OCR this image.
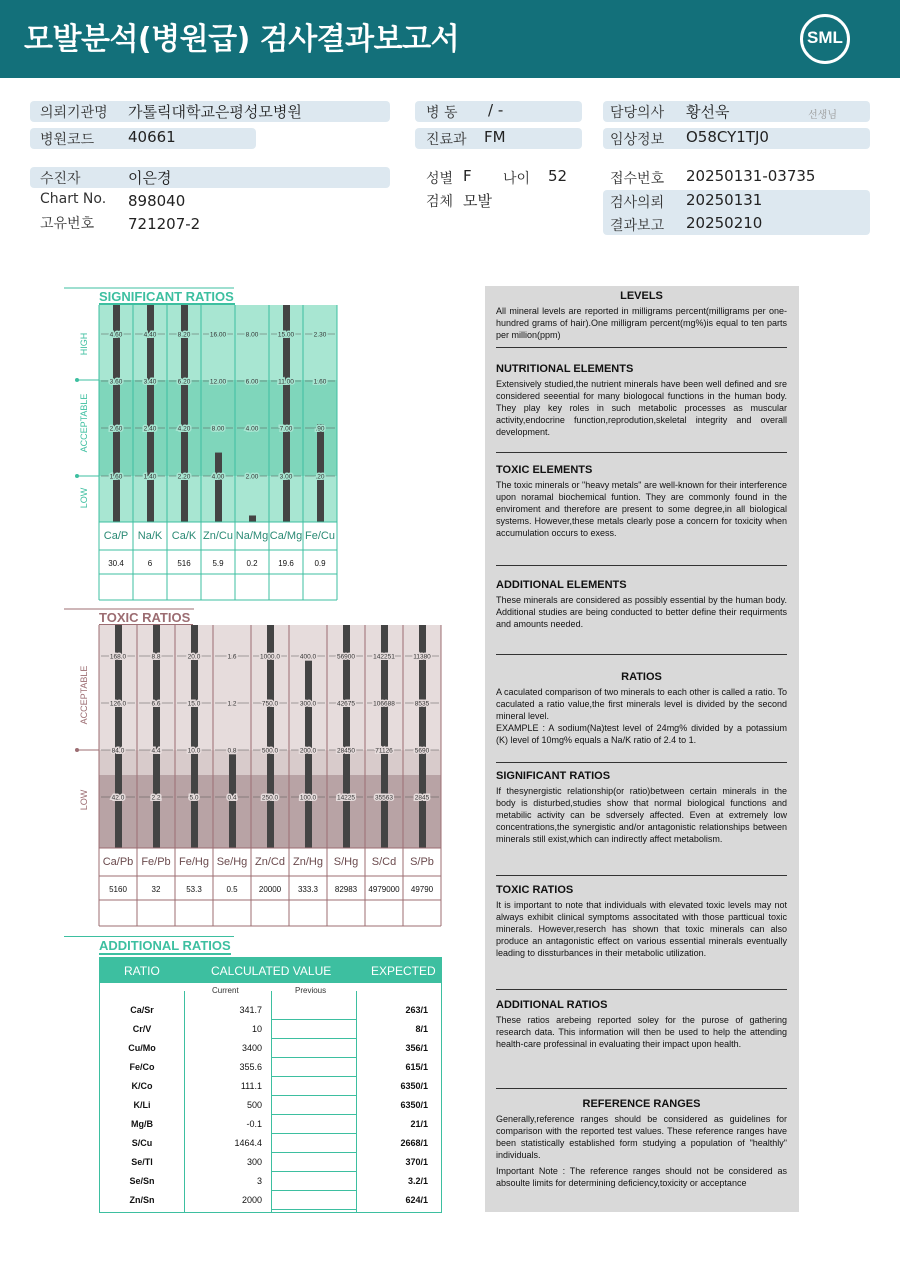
모발분석(병원급) 검사결과보고서	SML
의뢰기관명 가톨릭대학교은평성모병원
병원코드 40661
병 동 / -
진료과 FM
담당의사 황선욱	선생님
임상정보 O58CY1TJ0
수진자	이은경
Chart No. 898040
고유번호 721207-2
성별 F 나이 52
검체 모발
접수번호 20250131-03735
검사의뢰 20250131
결과보고 20250210
SIGNIFICANT RATIOS
HIGH
ACCEPTABLE
LOW
4.60
3.60
2.60
1.60
Ca/P
30.4
4.40
3.40
2.40
1.40
Na/K
6
8.20
6.20
4.20
2.20
Ca/K
516
16.00
12.00
8.00
4.00
Zn/Cu
5.9
8.00
6.00
4.00
2.00
Na/Mg
0.2
15.00
11.00
7.00
3.00
Ca/Mg
19.6
2.30
1.60
.90
.20
Fe/Cu
0.9
TOXIC RATIOS
ACCEPTABLE
LOW
168.0
126.0
84.0
42.0
Ca/Pb
5160
8.8
6.6
4.4
2.2
Fe/Pb
32
20.0
15.0
10.0
5.0
Fe/Hg
53.3
1.6
1.2
0.8
0.4
Se/Hg
0.5
1000.0
750.0
500.0
250.0
Zn/Cd
20000
400.0
300.0
200.0
100.0
Zn/Hg
333.3
56900
42675
28450
14225
S/Hg
82983
142251
106688
71126
35563
S/Cd
4979000
11380
8535
5690
2845
S/Pb
49790
ADDITIONAL RATIOS
RATIO	CALCULATED VALUE	EXPECTED
Current	Previous
Ca/Sr	341.7	263/1
Cr/V	10	8/1
Cu/Mo	3400	356/1
Fe/Co	355.6	615/1
K/Co	111.1	6350/1
K/Li	500	6350/1
Mg/B	-0.1	21/1
S/Cu	1464.4	2668/1
Se/Tl	300	370/1
Se/Sn	3	3.2/1
Zn/Sn	2000	624/1
LEVELS

All mineral levels are reported in milligrams percent(milligrams per one-hundred grams of hair).One milligram percent(mg%)is equal to ten parts per million(ppm)

NUTRITIONAL ELEMENTS

Extensively studied,the nutrient minerals have been well defined and sre considered seeential for many biologocal functions in the human body. They play key roles in such metabolic processes as muscular activity,endocrine function,reprodution,skeletal integrity and overall development.

TOXIC ELEMENTS

The toxic minerals or "heavy metals" are well-known for their interference upon noramal biochemical funtion. They are commonly found in the enviroment and therefore are present to some degree,in all biological systems. However,these metals clearly pose a concern for toxicity when accumulation occurs to exess.

ADDITIONAL ELEMENTS

These minerals are considered as possibly essential by the human body. Additional studies are being conducted to better define their requirments and amounts needed.

RATIOS

A caculated comparison of two minerals to each other is called a ratio. To caculated a ratio value,the first minerals level is divided by the second mineral level.

EXAMPLE : A sodium(Na)test level of 24mg% divided by a potassium (K) level of 10mg% equals a Na/K ratio of 2.4 to 1.

SIGNIFICANT RATIOS

If thesynergistic relationship(or ratio)between certain minerals in the body is disturbed,studies show that normal biological functions and metabilic activity can be sdversely affected. Even at extremely low concentrations,the synergistic and/or antagonistic relationships between minerals still exist,which can indirectly affect metabolism.

TOXIC RATIOS

It is important to note that individuals with elevated toxic levels may not always exhibit clinical symptoms associtated with those partticual toxic minerals. However,reserch has shown that toxic minerals can also produce an antagonistic effect on various essential minerals eventually leading to dissturbances in their metabolic utilization.

ADDITIONAL RATIOS

These ratios arebeing reported soley for the purose of gathering research data. This information will then be used to help the attending health-care professinal in evaluating their impact upon health.

REFERENCE RANGES

Generally,reference ranges should be considered as guidelines for comparison with the reported test values. These reference ranges have been statistically established form studying a population of "healthly" individuals.

Important Note : The reference ranges should not be considered as absoulte limits for determining deficiency,toxicity or acceptance
